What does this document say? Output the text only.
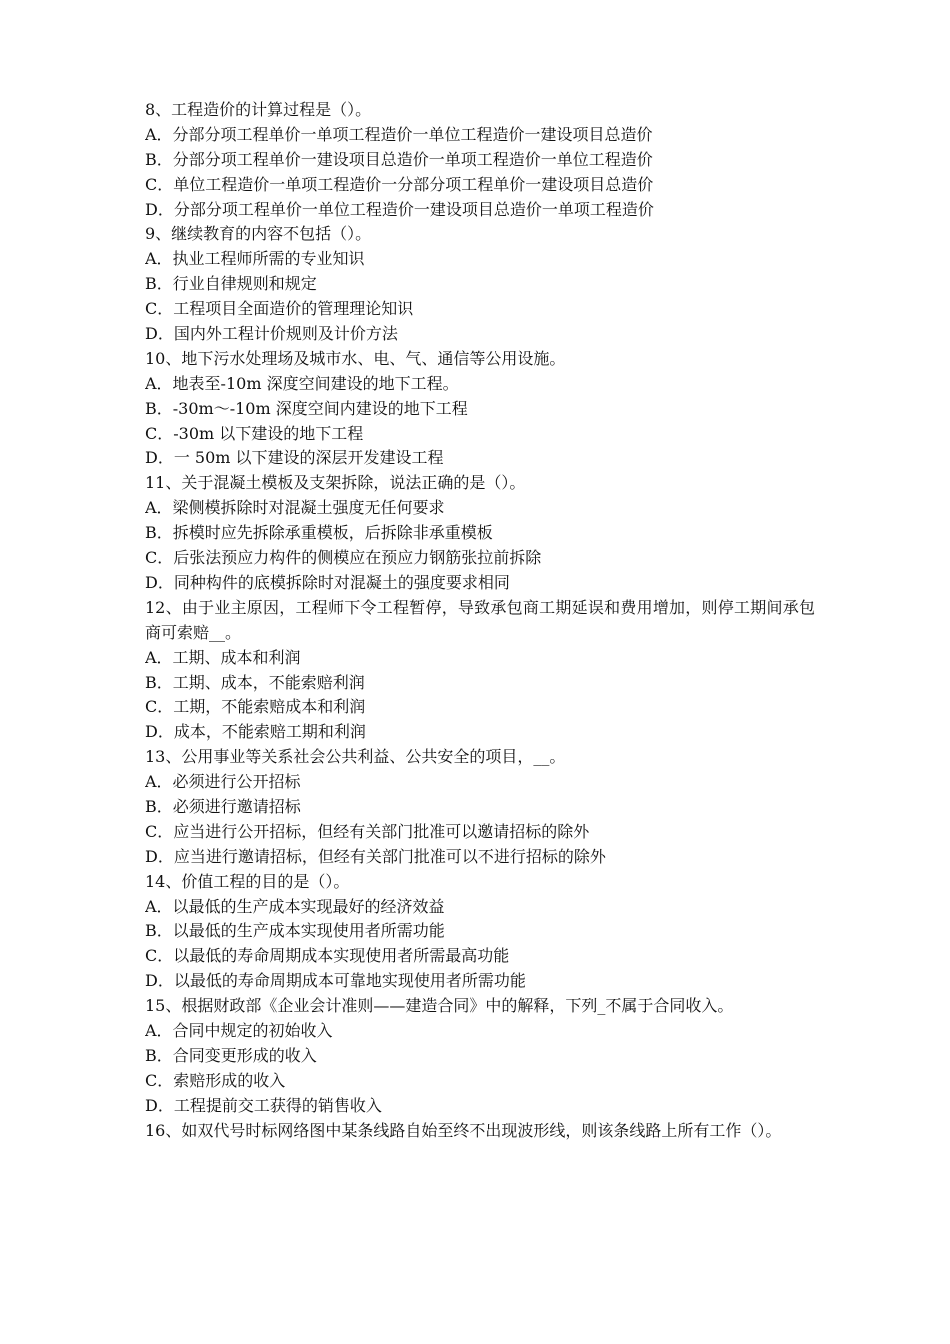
8、工程造价的计算过程是（）。
A．分部分项工程单价一单项工程造价一单位工程造价一建设项目总造价
B．分部分项工程单价一建设项目总造价一单项工程造价一单位工程造价
C．单位工程造价一单项工程造价一分部分项工程单价一建设项目总造价
D．分部分项工程单价一单位工程造价一建设项目总造价一单项工程造价
9、继续教育的内容不包括（）。
A．执业工程师所需的专业知识
B．行业自律规则和规定
C．工程项目全面造价的管理理论知识
D．国内外工程计价规则及计价方法
10、地下污水处理场及城市水、电、气、通信等公用设施。
A．地表至-10m 深度空间建设的地下工程。
B．-30m～-10m 深度空间内建设的地下工程
C．-30m 以下建设的地下工程
D．一 50m 以下建设的深层开发建设工程
11、关于混凝土模板及支架拆除，说法正确的是（）。
A．梁侧模拆除时对混凝土强度无任何要求
B．拆模时应先拆除承重模板，后拆除非承重模板
C．后张法预应力构件的侧模应在预应力钢筋张拉前拆除
D．同种构件的底模拆除时对混凝土的强度要求相同
12、由于业主原因，工程师下令工程暂停，导致承包商工期延误和费用增加，则停工期间承包商可索赔__。
A．工期、成本和利润
B．工期、成本，不能索赔利润
C．工期，不能索赔成本和利润
D．成本，不能索赔工期和利润
13、公用事业等关系社会公共利益、公共安全的项目，__。
A．必须进行公开招标
B．必须进行邀请招标
C．应当进行公开招标，但经有关部门批准可以邀请招标的除外
D．应当进行邀请招标，但经有关部门批准可以不进行招标的除外
14、价值工程的目的是（）。
A．以最低的生产成本实现最好的经济效益
B．以最低的生产成本实现使用者所需功能
C．以最低的寿命周期成本实现使用者所需最高功能
D．以最低的寿命周期成本可靠地实现使用者所需功能
15、根据财政部《企业会计准则——建造合同》中的解释，下列_不属于合同收入。
A．合同中规定的初始收入
B．合同变更形成的收入
C．索赔形成的收入
D．工程提前交工获得的销售收入
16、如双代号时标网络图中某条线路自始至终不出现波形线，则该条线路上所有工作（）。
